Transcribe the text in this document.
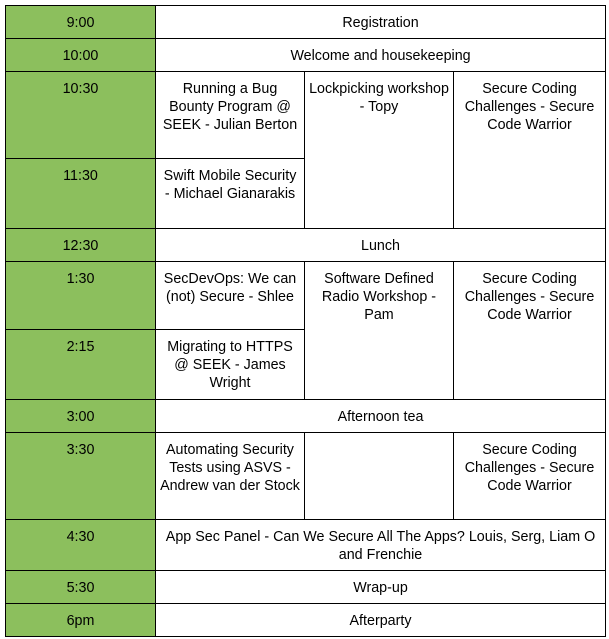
9:00	Registration		
10:00	Welcome and housekeeping		
10:30	Running a Bug Bounty Program @ SEEK - Julian Berton	Lockpicking workshop - Topy	Secure Coding Challenges - Secure Code Warrior
11:30	Swift Mobile Security - Michael Gianarakis		
12:30	Lunch		
1:30	SecDevOps: We can (not) Secure - Shlee	Software Defined Radio Workshop - Pam	Secure Coding Challenges - Secure Code Warrior
2:15	Migrating to HTTPS @ SEEK - James Wright		
3:00	Afternoon tea		
3:30	Automating Security Tests using ASVS - Andrew van der Stock		Secure Coding Challenges - Secure Code Warrior
4:30	App Sec Panel - Can We Secure All The Apps? Louis, Serg, Liam O and Frenchie		
5:30	Wrap-up		
6pm	Afterparty		
